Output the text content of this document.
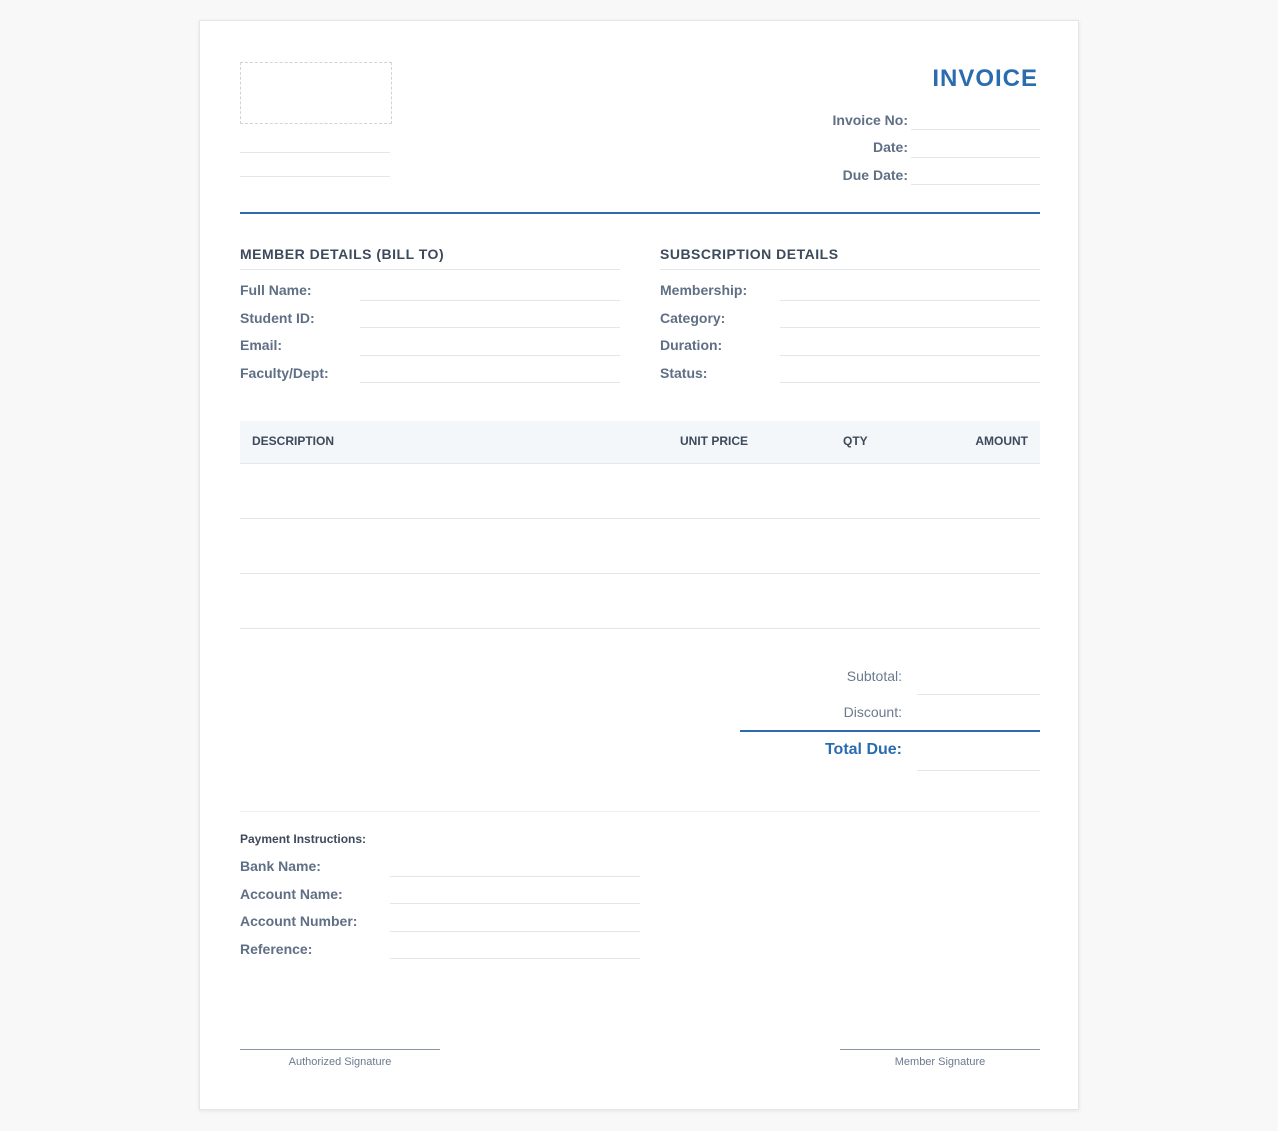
INVOICE
Invoice No:
Date:
Due Date:
MEMBER DETAILS (BILL TO)
Full Name:
Student ID:
Email:
Faculty/Dept:
SUBSCRIPTION DETAILS
Membership:
Category:
Duration:
Status:
DESCRIPTION	UNIT PRICE	QTY	AMOUNT
Subtotal:
Discount:
Total Due:
Payment Instructions:
Bank Name:
Account Name:
Account Number:
Reference:
Authorized Signature	Member Signature
